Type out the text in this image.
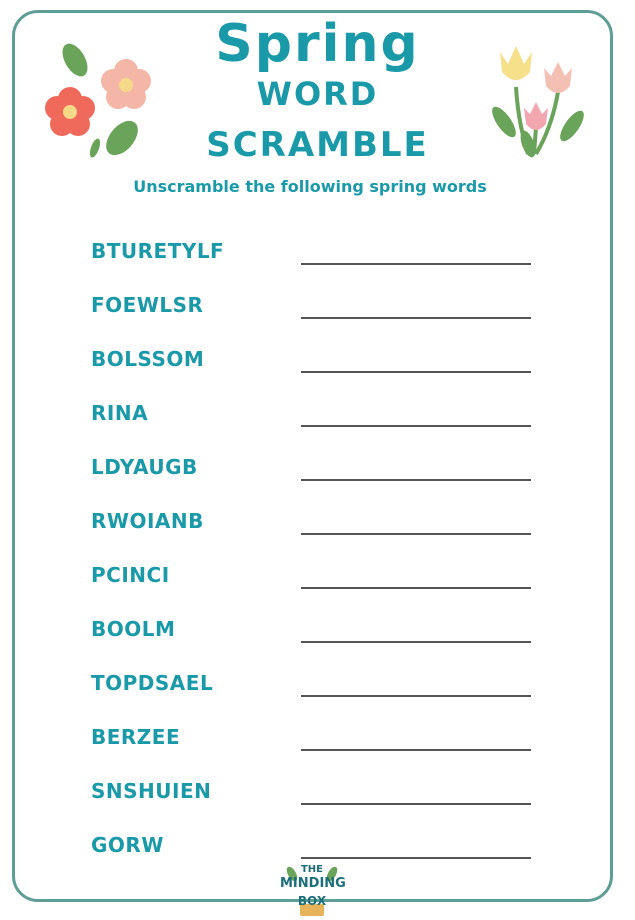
Spring
WORD
SCRAMBLE
Unscramble the following spring words
BTURETYLF
FOEWLSR
BOLSSOM
RINA
LDYAUGB
RWOIANB
PCINCI
BOOLM
TOPDSAEL
BERZEE
SNSHUIEN
GORW
THE
MINDING
BOX
